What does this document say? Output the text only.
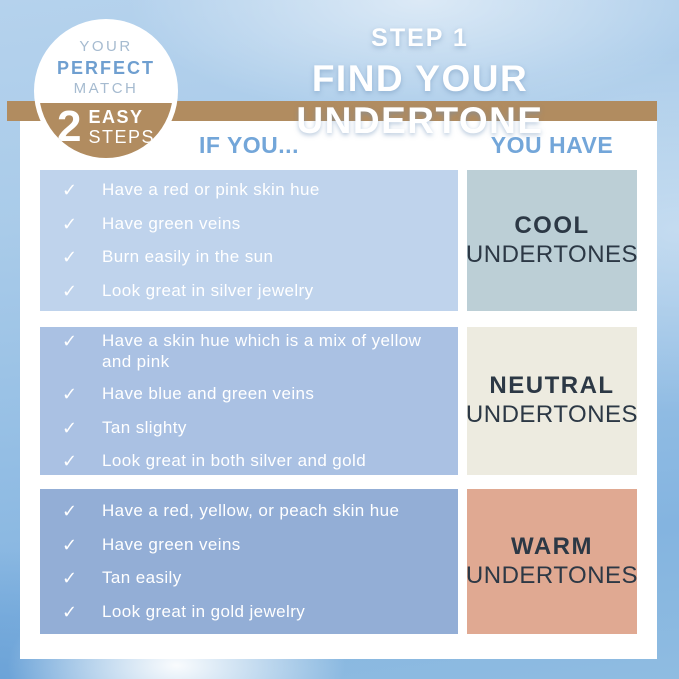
STEP 1
FIND YOUR UNDERTONE
YOUR
PERFECT
MATCH
2 EASY
STEPS	IF YOU...	YOU HAVE
✓ Have a red or pink skin hue
✓ Have green veins
✓ Burn easily in the sun
✓ Look great in silver jewelry
COOL
UNDERTONES
✓ Have a skin hue which is a mix of yellow and pink
✓ Have blue and green veins
✓ Tan slighty
✓ Look great in both silver and gold
NEUTRAL
UNDERTONES
✓ Have a red, yellow, or peach skin hue
✓ Have green veins
✓ Tan easily
✓ Look great in gold jewelry
WARM
UNDERTONES
